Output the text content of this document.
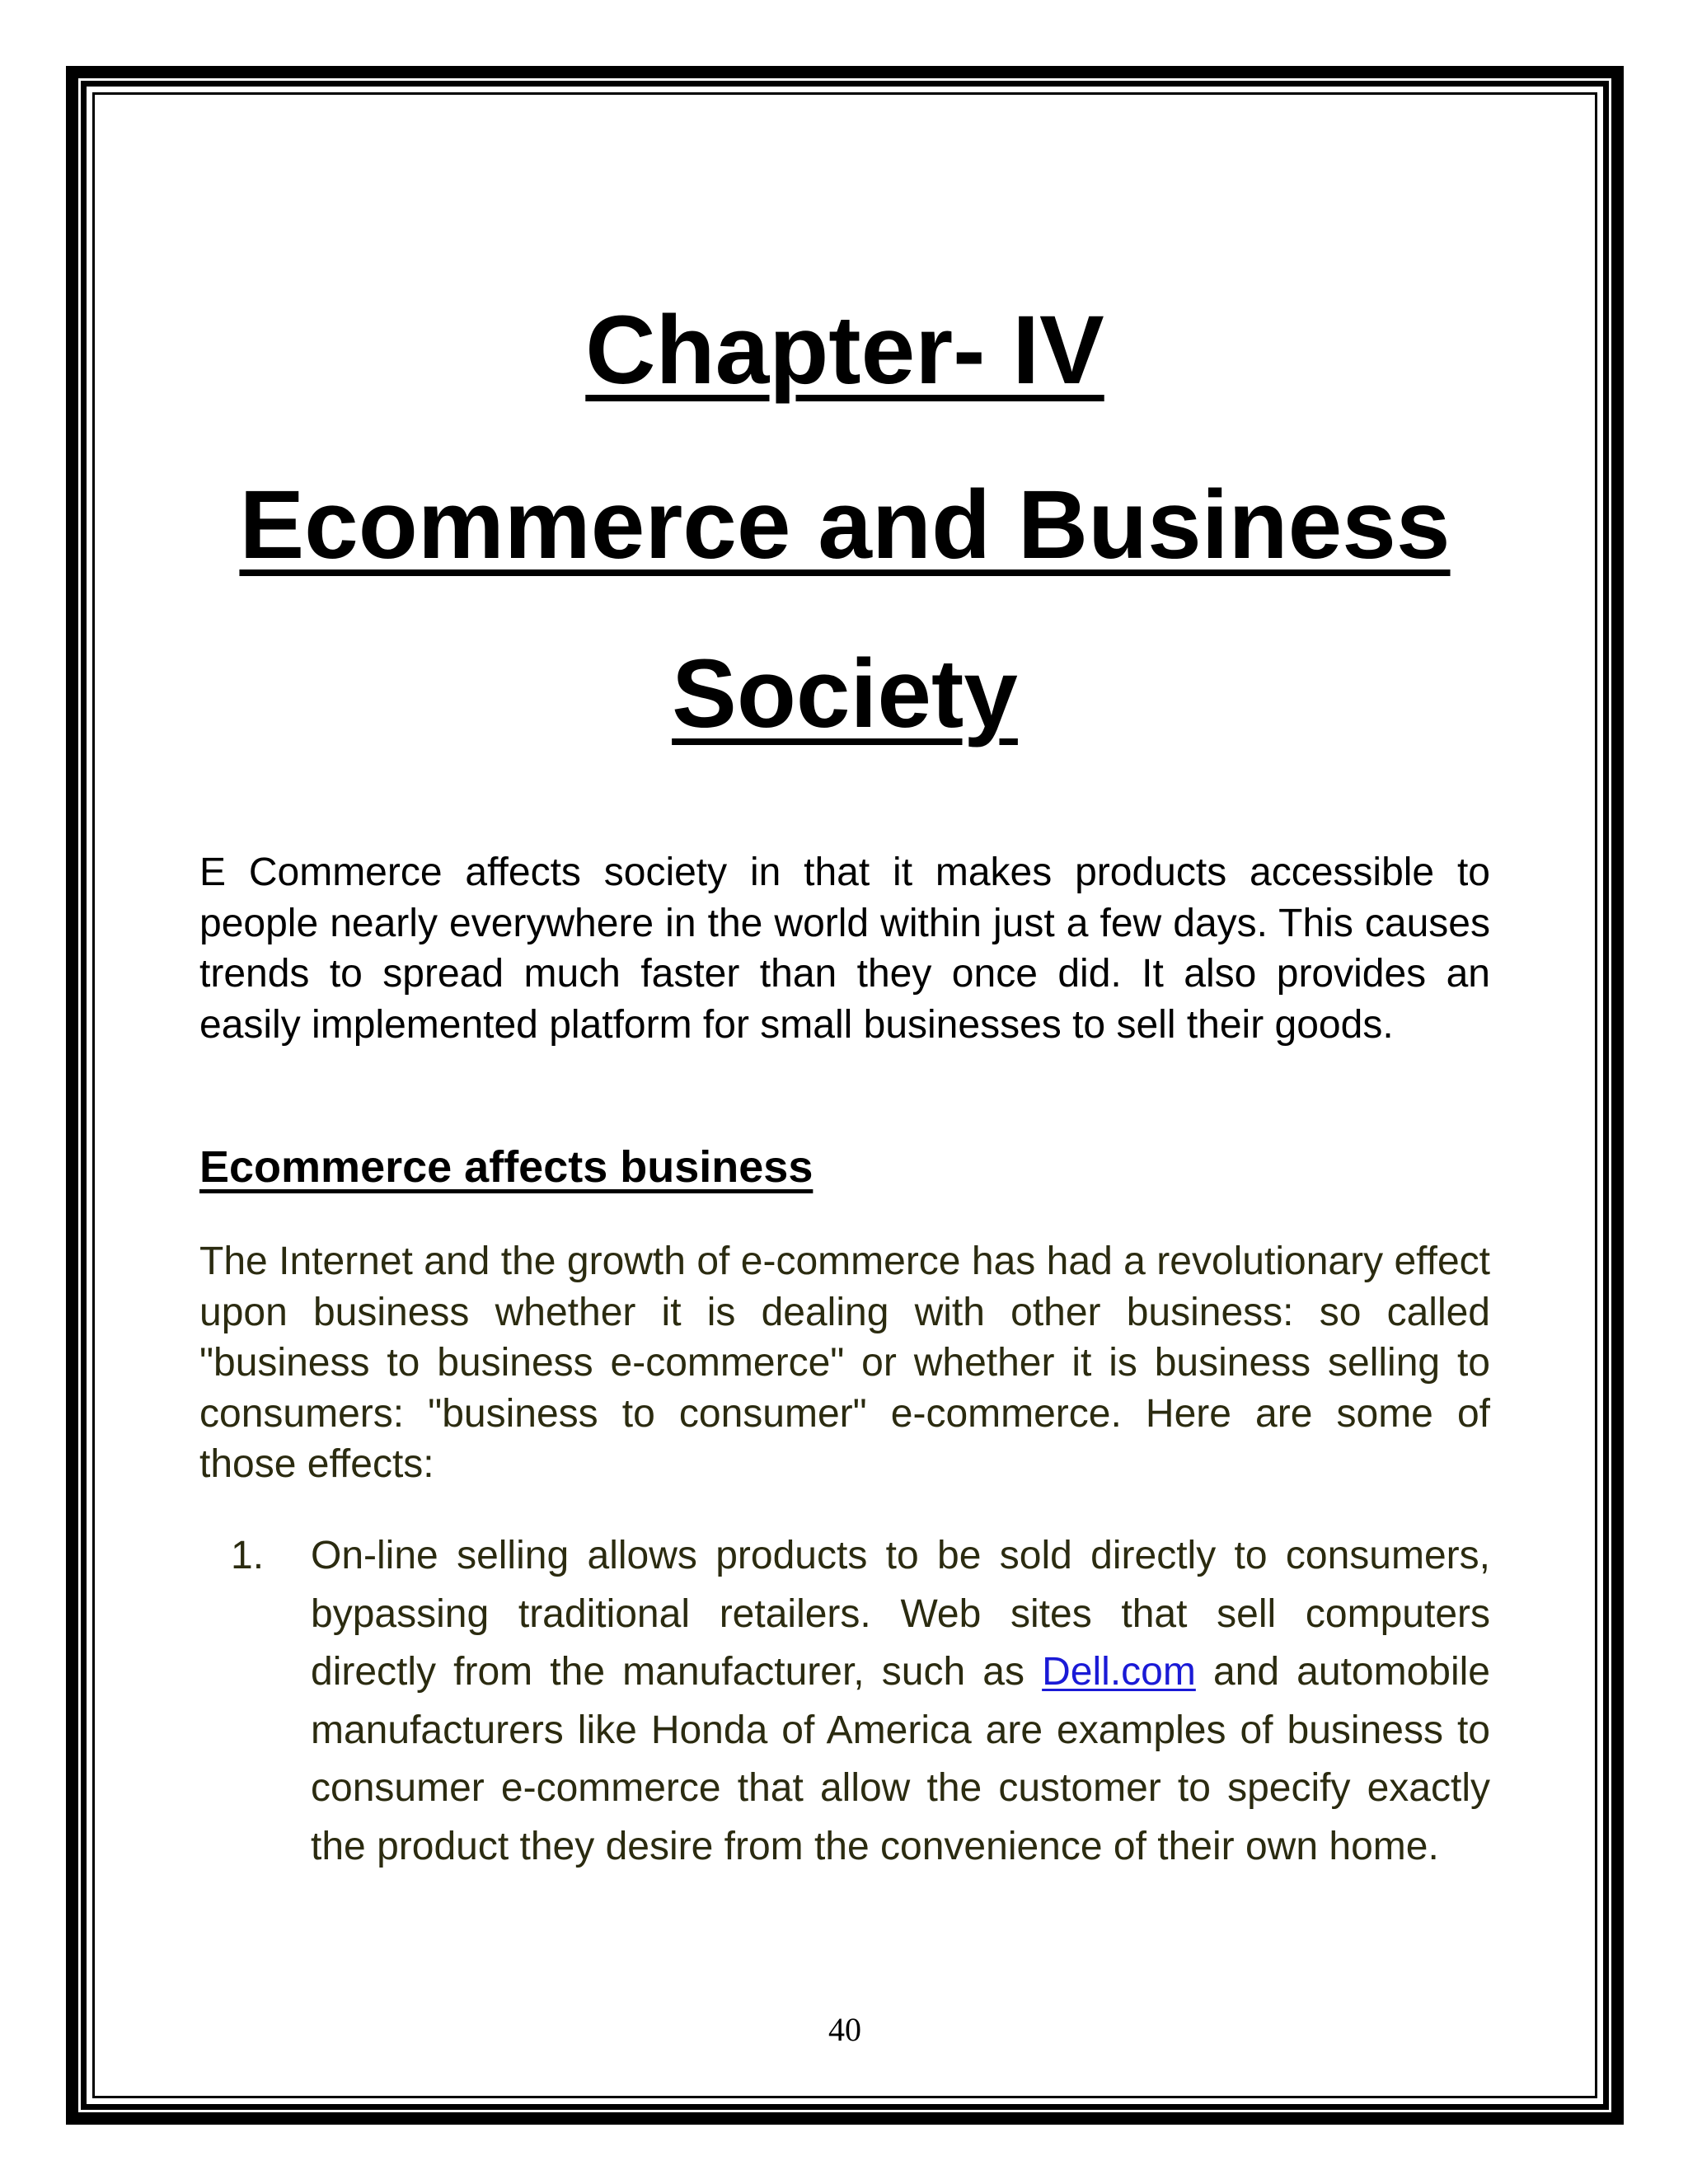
Chapter- IV
Ecommerce and Business
Society

E Commerce affects society in that it makes products accessible to people nearly everywhere in the world within just a few days. This causes trends to spread much faster than they once did. It also provides an easily implemented platform for small businesses to sell their goods.

Ecommerce affects business

The Internet and the growth of e-commerce has had a revolutionary effect upon business whether it is dealing with other business: so called "business to business e-commerce" or whether it is business selling to consumers: "business to consumer" e-commerce. Here are some of those effects:

1. On-line selling allows products to be sold directly to consumers, bypassing traditional retailers. Web sites that sell computers directly from the manufacturer, such as Dell.com and automobile manufacturers like Honda of America are examples of business to consumer e-commerce that allow the customer to specify exactly the product they desire from the convenience of their own home.
40
